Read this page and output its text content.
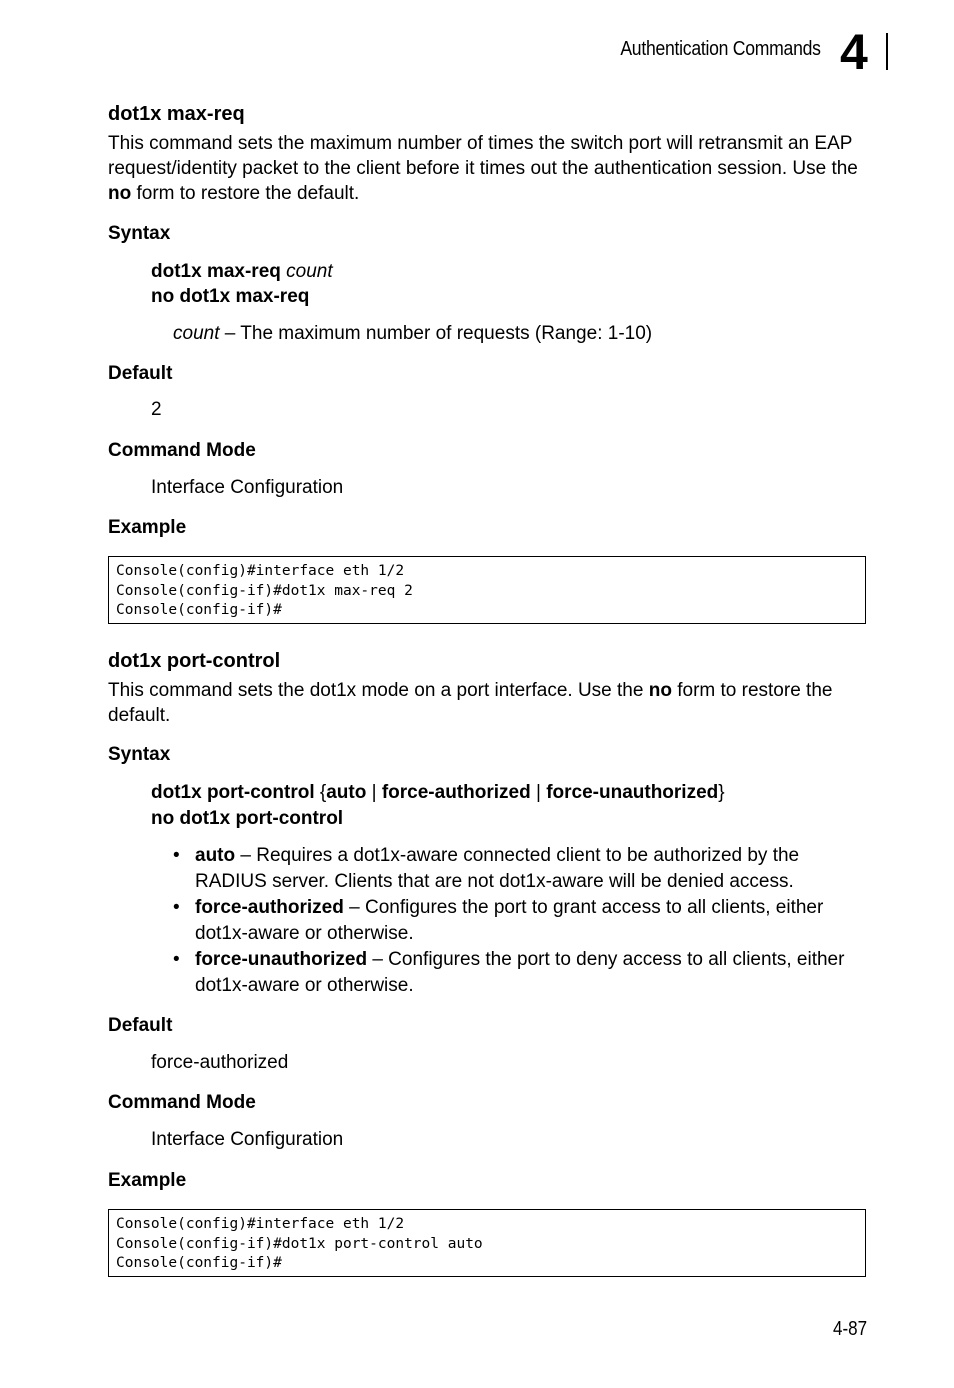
Authentication Commands 4
dot1x max-req
This command sets the maximum number of times the switch port will retransmit an EAP request/identity packet to the client before it times out the authentication session. Use the no form to restore the default.
Syntax
dot1x max-req count
no dot1x max-req
count – The maximum number of requests (Range: 1-10)
Default
2
Command Mode
Interface Configuration
Example
Console(config)#interface eth 1/2
Console(config-if)#dot1x max-req 2
Console(config-if)#
dot1x port-control
This command sets the dot1x mode on a port interface. Use the no form to restore the default.
Syntax
dot1x port-control {auto | force-authorized | force-unauthorized}
no dot1x port-control
• auto – Requires a dot1x-aware connected client to be authorized by the RADIUS server. Clients that are not dot1x-aware will be denied access.
• force-authorized – Configures the port to grant access to all clients, either dot1x-aware or otherwise.
• force-unauthorized – Configures the port to deny access to all clients, either dot1x-aware or otherwise.
Default
force-authorized
Command Mode
Interface Configuration
Example
Console(config)#interface eth 1/2
Console(config-if)#dot1x port-control auto
Console(config-if)#
4-87
